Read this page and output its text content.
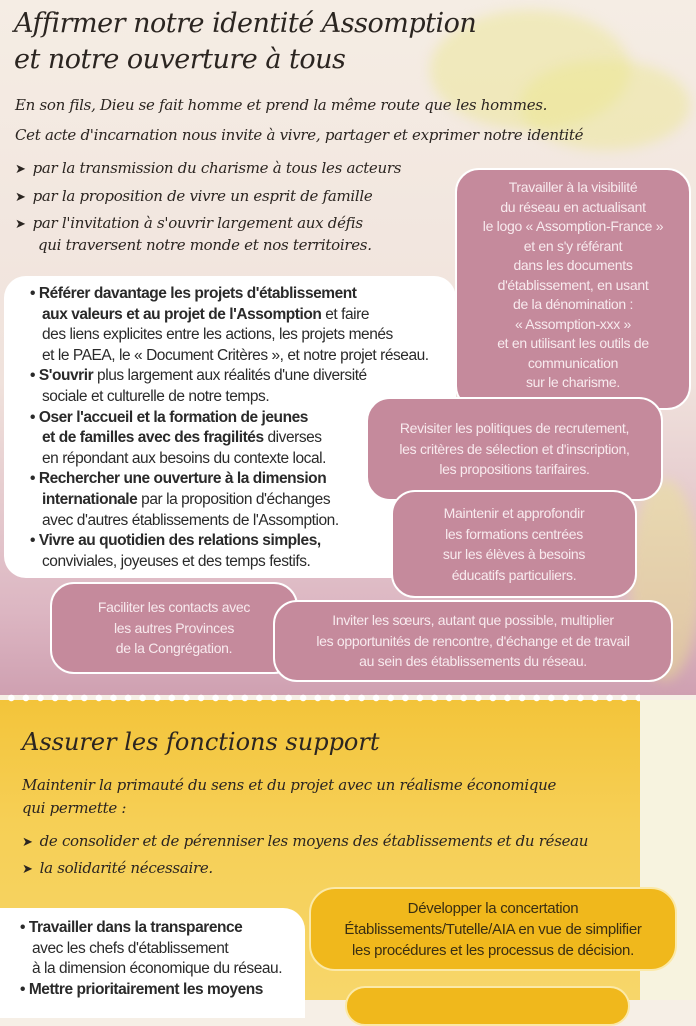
Affirmer notre identité Assomption
et notre ouverture à tous
En son fils, Dieu se fait homme et prend la même route que les hommes.
Cet acte d'incarnation nous invite à vivre, partager et exprimer notre identité
➤ par la transmission du charisme à tous les acteurs
➤ par la proposition de vivre un esprit de famille
➤ par l'invitation à s'ouvrir largement aux défis
qui traversent notre monde et nos territoires.
Travailler à la visibilité
du réseau en actualisant
le logo « Assomption-France »
et en s'y référant
dans les documents
d'établissement, en usant
de la dénomination :
« Assomption-xxx »
et en utilisant les outils de
communication
sur le charisme.
• Référer davantage les projets d'établissement
aux valeurs et au projet de l'Assomption et faire
des liens explicites entre les actions, les projets menés
et le PAEA, le « Document Critères », et notre projet réseau.
• S'ouvrir plus largement aux réalités d'une diversité
sociale et culturelle de notre temps.
• Oser l'accueil et la formation de jeunes
et de familles avec des fragilités diverses
en répondant aux besoins du contexte local.
• Rechercher une ouverture à la dimension
internationale par la proposition d'échanges
avec d'autres établissements de l'Assomption.
• Vivre au quotidien des relations simples,
conviviales, joyeuses et des temps festifs.
Revisiter les politiques de recrutement,
les critères de sélection et d'inscription,
les propositions tarifaires.
Maintenir et approfondir
les formations centrées
sur les élèves à besoins
éducatifs particuliers.
Faciliter les contacts avec
les autres Provinces
de la Congrégation.
Inviter les sœurs, autant que possible, multiplier
les opportunités de rencontre, d'échange et de travail
au sein des établissements du réseau.
Assurer les fonctions support
Maintenir la primauté du sens et du projet avec un réalisme économique
qui permette :
➤ de consolider et de pérenniser les moyens des établissements et du réseau
➤ la solidarité nécessaire.
• Travailler dans la transparence
avec les chefs d'établissement
à la dimension économique du réseau.
• Mettre prioritairement les moyens
Développer la concertation
Établissements/Tutelle/AIA en vue de simplifier
les procédures et les processus de décision.
